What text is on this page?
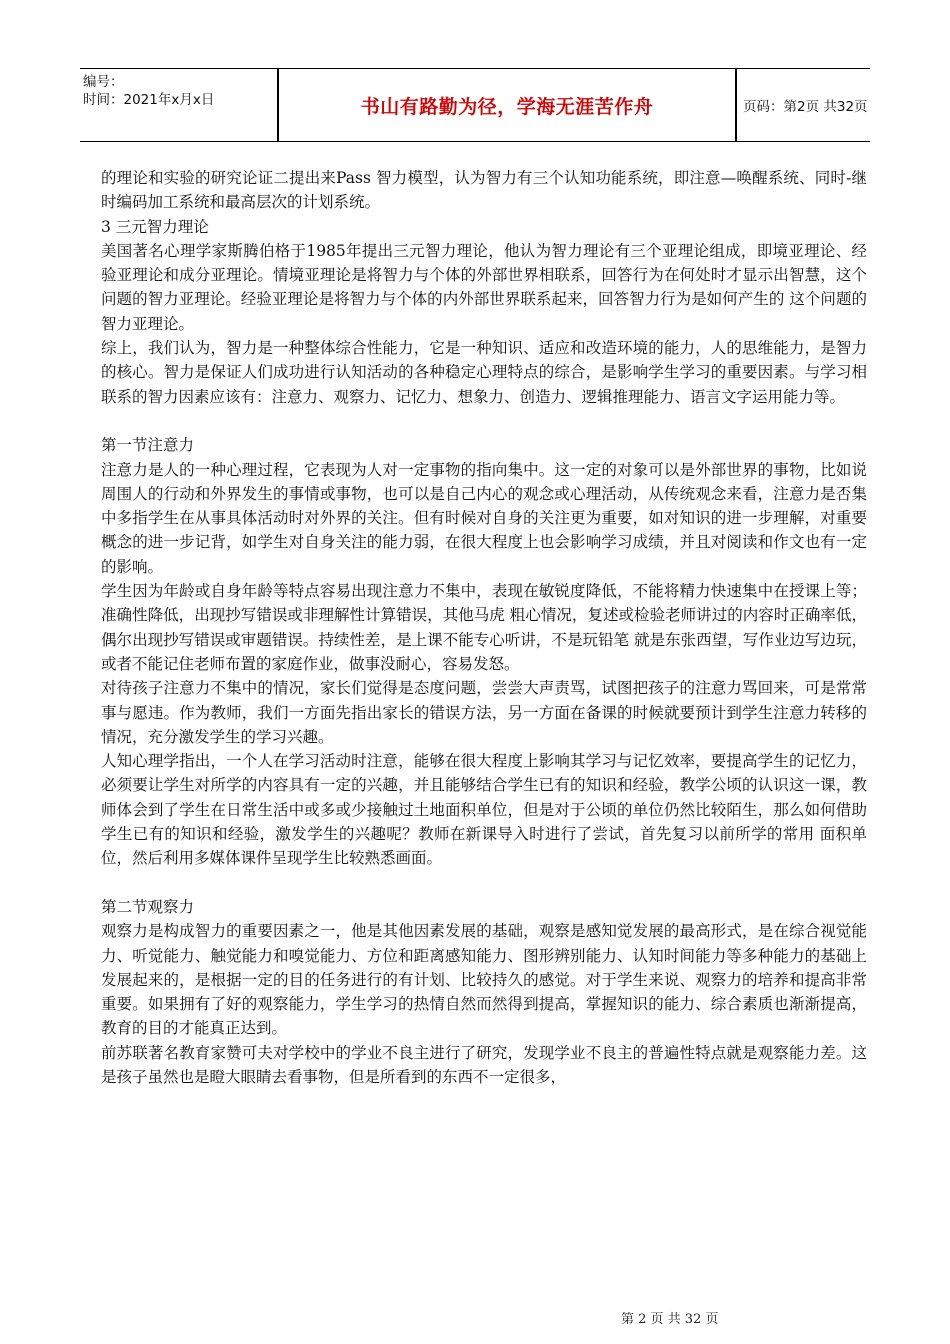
编号：
时间：2021年x月x日	书山有路勤为径，学海无涯苦作舟	页码：第2页 共32页

的理论和实验的研究论证二提出来Pass 智力模型，认为智力有三个认知功能系统，即注意—唤醒系统、同时-继时编码加工系统和最高层次的计划系统。

3 三元智力理论

美国著名心理学家斯腾伯格于1985年提出三元智力理论，他认为智力理论有三个亚理论组成，即境亚理论、经验亚理论和成分亚理论。情境亚理论是将智力与个体的外部世界相联系，回答行为在何处时才显示出智慧，这个问题的智力亚理论。经验亚理论是将智力与个体的内外部世界联系起来，回答智力行为是如何产生的 这个问题的智力亚理论。

综上，我们认为，智力是一种整体综合性能力，它是一种知识、适应和改造环境的能力，人的思维能力，是智力的核心。智力是保证人们成功进行认知活动的各种稳定心理特点的综合，是影响学生学习的重要因素。与学习相联系的智力因素应该有：注意力、观察力、记忆力、想象力、创造力、逻辑推理能力、语言文字运用能力等。

第一节注意力

注意力是人的一种心理过程，它表现为人对一定事物的指向集中。这一定的对象可以是外部世界的事物，比如说周围人的行动和外界发生的事情或事物，也可以是自己内心的观念或心理活动，从传统观念来看，注意力是否集中多指学生在从事具体活动时对外界的关注。但有时候对自身的关注更为重要，如对知识的进一步理解，对重要概念的进一步记背，如学生对自身关注的能力弱，在很大程度上也会影响学习成绩，并且对阅读和作文也有一定的影响。

学生因为年龄或自身年龄等特点容易出现注意力不集中，表现在敏锐度降低，不能将精力快速集中在授课上等；准确性降低，出现抄写错误或非理解性计算错误，其他马虎 粗心情况，复述或检验老师讲过的内容时正确率低，偶尔出现抄写错误或审题错误。持续性差，是上课不能专心听讲，不是玩铅笔 就是东张西望，写作业边写边玩，或者不能记住老师布置的家庭作业，做事没耐心，容易发怒。

对待孩子注意力不集中的情况，家长们觉得是态度问题，尝尝大声责骂，试图把孩子的注意力骂回来，可是常常事与愿违。作为教师，我们一方面先指出家长的错误方法，另一方面在备课的时候就要预计到学生注意力转移的情况，充分激发学生的学习兴趣。

人知心理学指出，一个人在学习活动时注意，能够在很大程度上影响其学习与记忆效率，要提高学生的记忆力，必须要让学生对所学的内容具有一定的兴趣，并且能够结合学生已有的知识和经验，教学公顷的认识这一课，教师体会到了学生在日常生活中或多或少接触过土地面积单位，但是对于公顷的单位仍然比较陌生，那么如何借助学生已有的知识和经验，激发学生的兴趣呢？教师在新课导入时进行了尝试，首先复习以前所学的常用 面积单位，然后利用多媒体课件呈现学生比较熟悉画面。

第二节观察力

观察力是构成智力的重要因素之一，他是其他因素发展的基础，观察是感知觉发展的最高形式，是在综合视觉能力、听觉能力、触觉能力和嗅觉能力、方位和距离感知能力、图形辨别能力、认知时间能力等多种能力的基础上发展起来的，是根据一定的目的任务进行的有计划、比较持久的感觉。对于学生来说、观察力的培养和提高非常重要。如果拥有了好的观察能力，学生学习的热情自然而然得到提高，掌握知识的能力、综合素质也渐渐提高，教育的目的才能真正达到。

前苏联著名教育家赞可夫对学校中的学业不良主进行了研究，发现学业不良主的普遍性特点就是观察能力差。这是孩子虽然也是瞪大眼睛去看事物，但是所看到的东西不一定很多，

第 2 页 共 32 页
